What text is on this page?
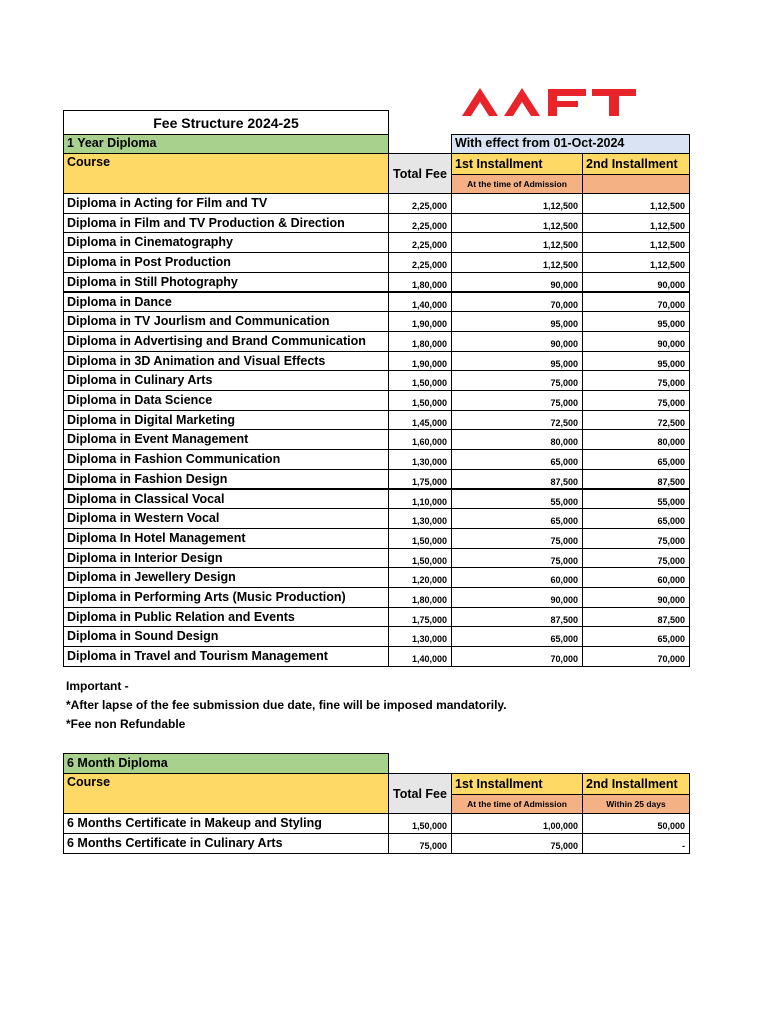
Fee Structure 2024-25
1 Year Diploma	With effect from 01-Oct-2024
Course
Total Fee
1st Installment	2nd Installment
At the time of Admission
Diploma in Acting for Film and TV	2,25,000	1,12,500	1,12,500
Diploma in Film and TV Production & Direction	2,25,000	1,12,500	1,12,500
Diploma in Cinematography	2,25,000	1,12,500	1,12,500
Diploma in Post Production	2,25,000	1,12,500	1,12,500
Diploma in Still Photography	1,80,000	90,000	90,000
Diploma in Dance	1,40,000	70,000	70,000
Diploma in TV Jourlism and Communication	1,90,000	95,000	95,000
Diploma in Advertising and Brand Communication	1,80,000	90,000	90,000
Diploma in 3D Animation and Visual Effects	1,90,000	95,000	95,000
Diploma in Culinary Arts	1,50,000	75,000	75,000
Diploma in Data Science	1,50,000	75,000	75,000
Diploma in Digital Marketing	1,45,000	72,500	72,500
Diploma in Event Management	1,60,000	80,000	80,000
Diploma in Fashion Communication	1,30,000	65,000	65,000
Diploma in Fashion Design	1,75,000	87,500	87,500
Diploma in Classical Vocal	1,10,000	55,000	55,000
Diploma in Western Vocal	1,30,000	65,000	65,000
Diploma In Hotel Management	1,50,000	75,000	75,000
Diploma in Interior Design	1,50,000	75,000	75,000
Diploma in Jewellery Design	1,20,000	60,000	60,000
Diploma in Performing Arts (Music Production)	1,80,000	90,000	90,000
Diploma in Public Relation and Events	1,75,000	87,500	87,500
Diploma in Sound Design	1,30,000	65,000	65,000
Diploma in Travel and Tourism Management	1,40,000	70,000	70,000
Important -
*After lapse of the fee submission due date, fine will be imposed mandatorily.
*Fee non Refundable
6 Month Diploma
Course
Total Fee
1st Installment	2nd Installment
At the time of Admission	Within 25 days
6 Months Certificate in Makeup and Styling	1,50,000	1,00,000	50,000
6 Months Certificate in Culinary Arts	75,000	75,000	-
